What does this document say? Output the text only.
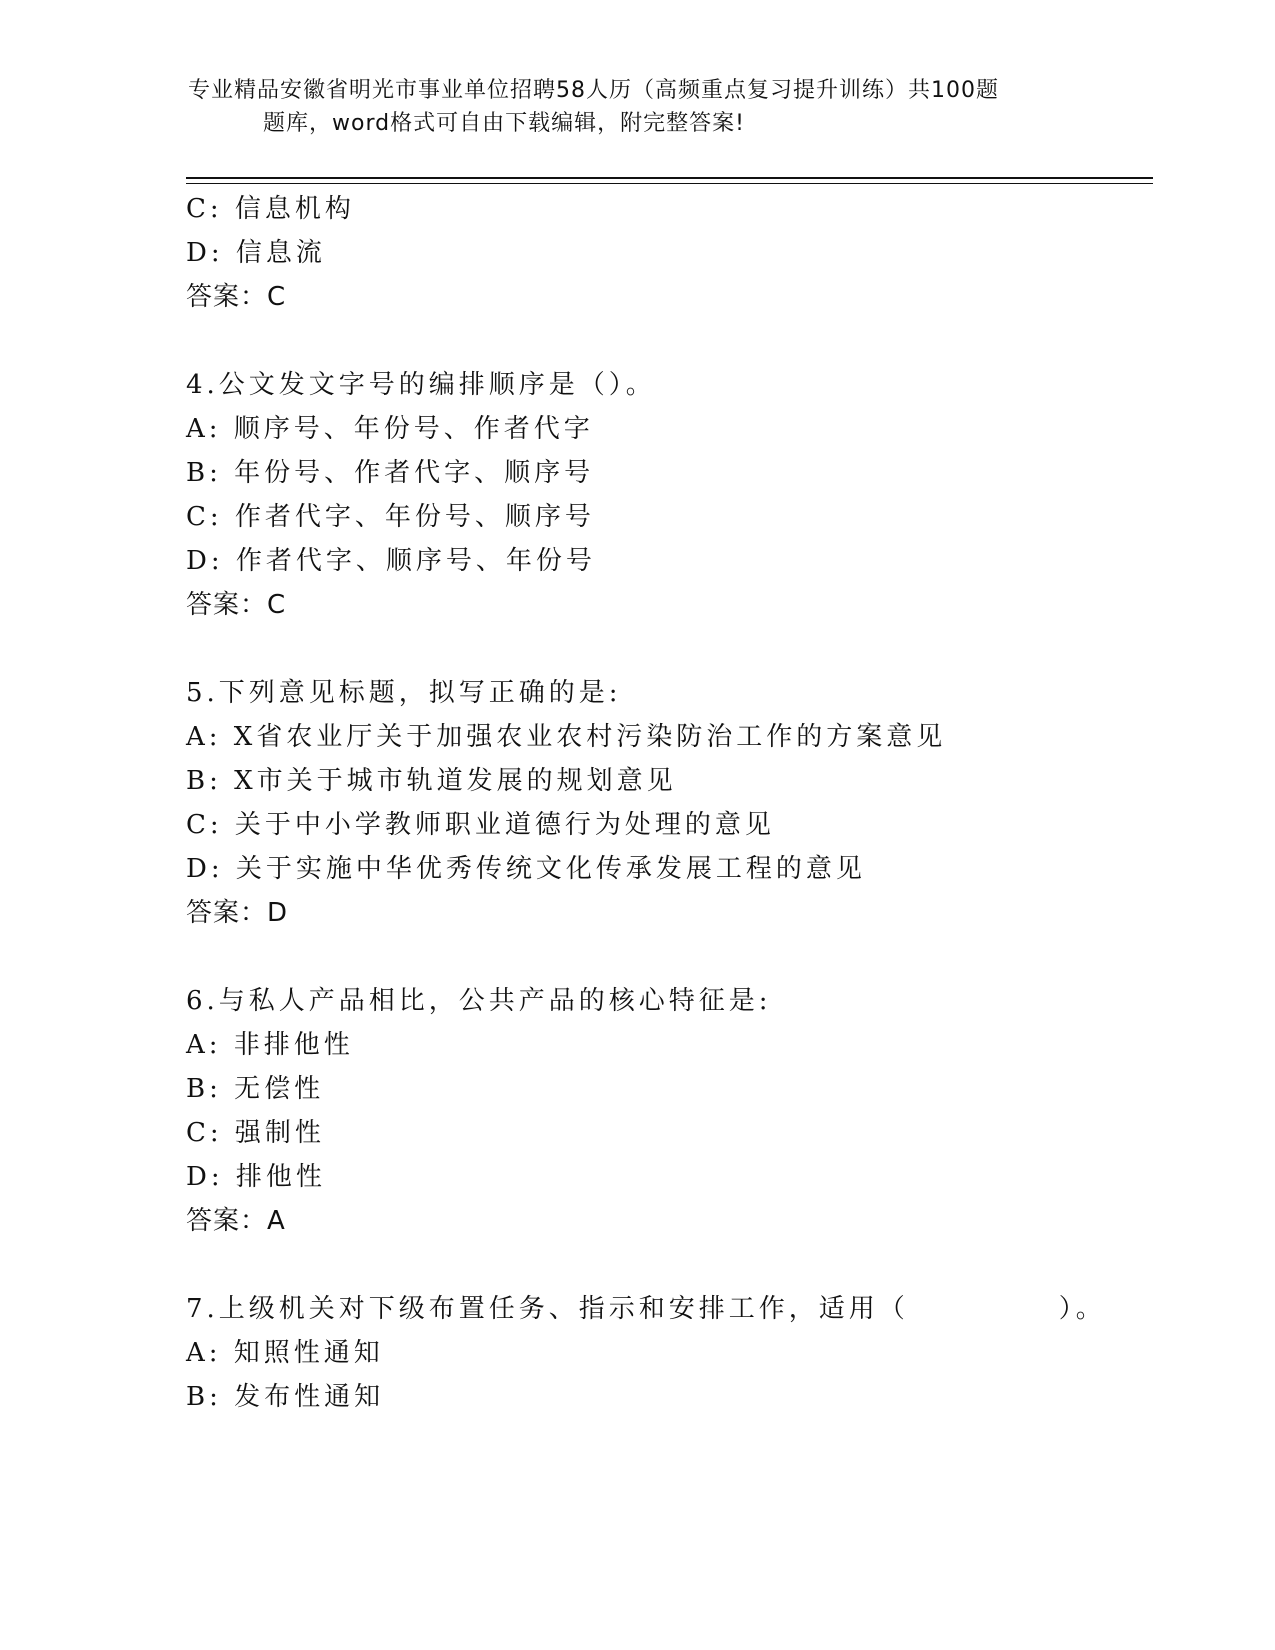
专业精品安徽省明光市事业单位招聘58人历（高频重点复习提升训练）共100题
题库，word格式可自由下载编辑，附完整答案!
C: 信息机构
D: 信息流
答案：C
4.公文发文字号的编排顺序是（）。
A: 顺序号、年份号、作者代字
B: 年份号、作者代字、顺序号
C: 作者代字、年份号、顺序号
D: 作者代字、顺序号、年份号
答案：C
5.下列意见标题，拟写正确的是:
A: X省农业厅关于加强农业农村污染防治工作的方案意见
B: X市关于城市轨道发展的规划意见
C: 关于中小学教师职业道德行为处理的意见
D: 关于实施中华优秀传统文化传承发展工程的意见
答案：D
6.与私人产品相比，公共产品的核心特征是:
A: 非排他性
B: 无偿性
C: 强制性
D: 排他性
答案：A
7.上级机关对下级布置任务、指示和安排工作，适用（　　　　　）。
A: 知照性通知
B: 发布性通知
